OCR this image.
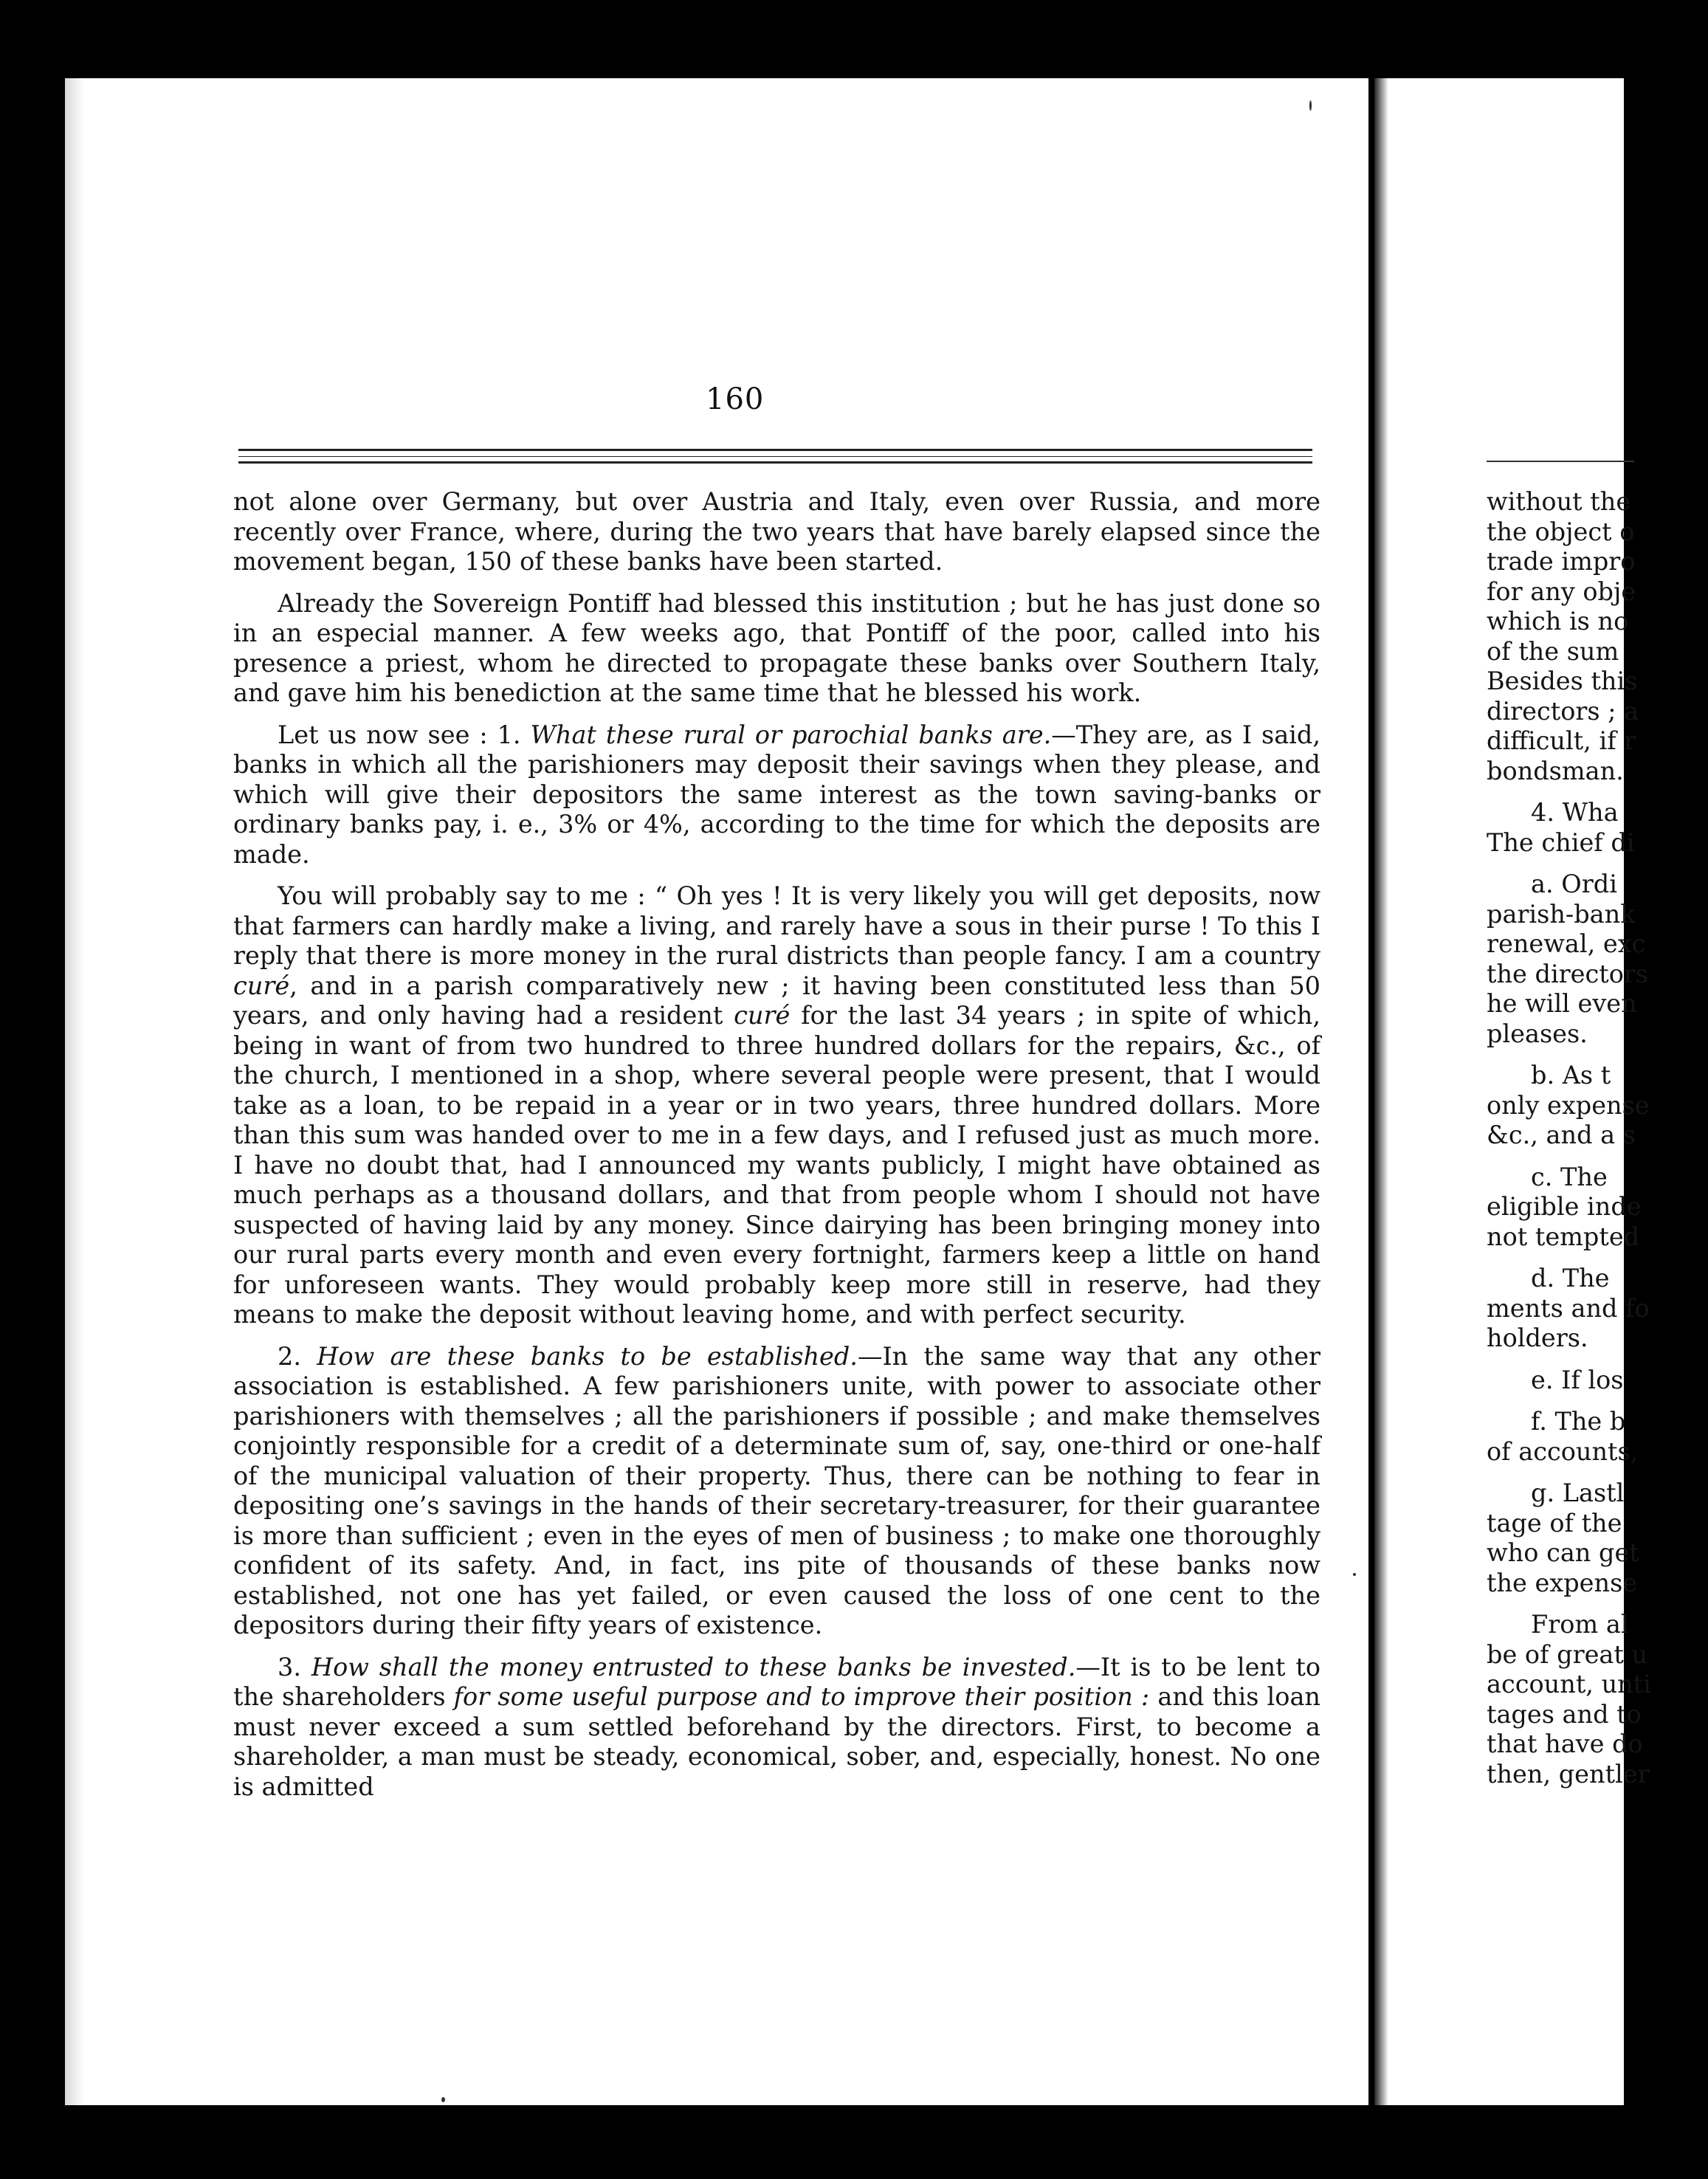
160

not alone over Germany, but over Austria and Italy, even over Russia, and more recently over France, where, during the two years that have barely elapsed since the movement began, 150 of these banks have been started.

Already the Sovereign Pontiff had blessed this institution ; but he has just done so in an especial manner. A few weeks ago, that Pontiff of the poor, called into his presence a priest, whom he directed to propagate these banks over Southern Italy, and gave him his benediction at the same time that he blessed his work.

Let us now see : 1. What these rural or parochial banks are.—They are, as I said, banks in which all the parishioners may deposit their savings when they please, and which will give their depositors the same interest as the town saving-banks or ordinary banks pay, i. e., 3% or 4%, according to the time for which the deposits are made.

You will probably say to me : “ Oh yes ! It is very likely you will get deposits, now that farmers can hardly make a living, and rarely have a sous in their purse ! To this I reply that there is more money in the rural districts than people fancy. I am a country curé, and in a parish comparatively new ; it having been constituted less than 50 years, and only having had a resident curé for the last 34 years ; in spite of which, being in want of from two hundred to three hundred dollars for the repairs, &c., of the church, I mentioned in a shop, where several people were present, that I would take as a loan, to be repaid in a year or in two years, three hundred dollars. More than this sum was handed over to me in a few days, and I refused just as much more. I have no doubt that, had I announced my wants publicly, I might have obtained as much perhaps as a thousand dollars, and that from people whom I should not have suspected of having laid by any money. Since dairying has been bringing money into our rural parts every month and even every fortnight, farmers keep a little on hand for unforeseen wants. They would probably keep more still in reserve, had they means to make the deposit without leaving home, and with perfect security.

2. How are these banks to be established.—In the same way that any other association is established. A few parishioners unite, with power to associate other parishioners with themselves ; all the parishioners if possible ; and make themselves conjointly responsible for a credit of a determinate sum of, say, one-third or one-half of the municipal valuation of their property. Thus, there can be nothing to fear in depositing one’s savings in the hands of their secretary-treasurer, for their guarantee is more than sufficient ; even in the eyes of men of business ; to make one thoroughly confident of its safety. And, in fact, ins pite of thousands of these banks now established, not one has yet failed, or even caused the loss of one cent to the depositors during their fifty years of existence.

3. How shall the money entrusted to these banks be invested.—It is to be lent to the shareholders for some useful purpose and to improve their position : and this loan must never exceed a sum settled beforehand by the directors. First, to become a shareholder, a man must be steady, economical, sober, and, especially, honest. No one is admitted

without the
the object o
trade impro
for any obje
which is no
of the sum
Besides this
directors ; a
difficult, if r
bondsman.
4. Wha
The chief di
a. Ordi
parish-bank
renewal, exc
the directors
he will even
pleases.
b. As t
only expense
&c., and a s
c. The
eligible inde
not tempted
d. The
ments and fo
holders.
e. If los
f. The b
of accounts,
g. Lastl
tage of the
who can get
the expense
From al
be of great u
account, unti
tages and to
that have do
then, gentler
